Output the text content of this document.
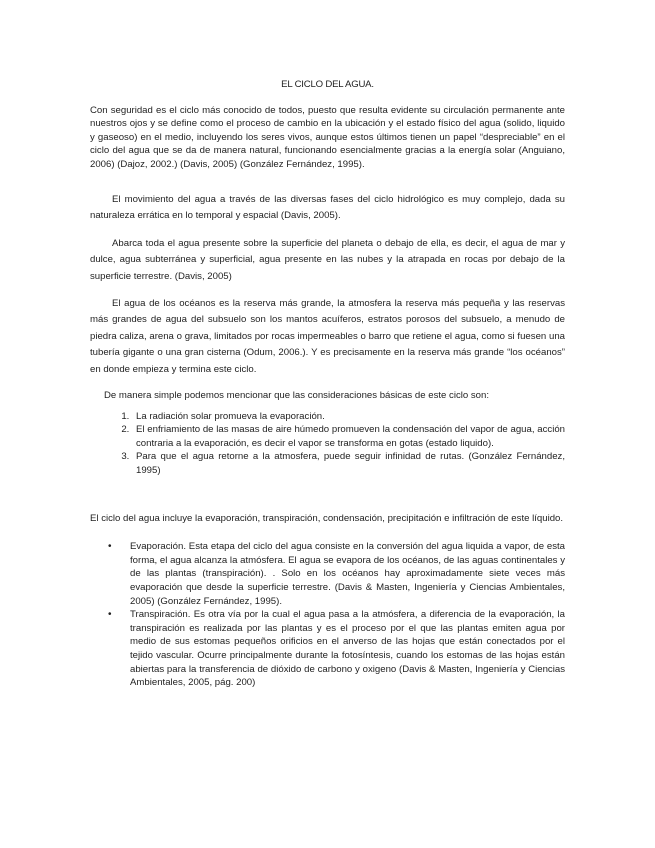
EL CICLO DEL AGUA.

Con seguridad es el ciclo más conocido de todos, puesto que resulta evidente su circulación permanente ante nuestros ojos y se define como el proceso de cambio en la ubicación y el estado físico del agua (solido, liquido y gaseoso) en el medio, incluyendo los seres vivos, aunque estos últimos tienen un papel “despreciable” en el ciclo del agua que se da de manera natural, funcionando esencialmente gracias a la energía solar (Anguiano, 2006) (Dajoz, 2002.) (Davis, 2005) (González Fernández, 1995).

El movimiento del agua a través de las diversas fases del ciclo hidrológico es muy complejo, dada su naturaleza errática en lo temporal y espacial (Davis, 2005).

Abarca toda el agua presente sobre la superficie del planeta o debajo de ella, es decir, el agua de mar y dulce, agua subterránea y superficial, agua presente en las nubes y la atrapada en rocas por debajo de la superficie terrestre. (Davis, 2005)

El agua de los océanos es la reserva más grande, la atmosfera la reserva más pequeña y las reservas más grandes de agua del subsuelo son los mantos acuíferos, estratos porosos del subsuelo, a menudo de piedra caliza, arena o grava, limitados por rocas impermeables o barro que retiene el agua, como si fuesen una tubería gigante o una gran cisterna (Odum, 2006.). Y es precisamente en la reserva más grande “los océanos” en donde empieza y termina este ciclo.

De manera simple podemos mencionar que las consideraciones básicas de este ciclo son:

1. La radiación solar promueva la evaporación.
2. El enfriamiento de las masas de aire húmedo promueven la condensación del vapor de agua, acción contraria a la evaporación, es decir el vapor se transforma en gotas (estado liquido).
3. Para que el agua retorne a la atmosfera, puede seguir infinidad de rutas. (González Fernández, 1995)

El ciclo del agua incluye la evaporación, transpiración, condensación, precipitación e infiltración de este líquido.

• Evaporación. Esta etapa del ciclo del agua consiste en la conversión del agua liquida a vapor, de esta forma, el agua alcanza la atmósfera. El agua se evapora de los océanos, de las aguas continentales y de las plantas (transpiración). . Solo en los océanos hay aproximadamente siete veces más evaporación que desde la superficie terrestre. (Davis & Masten, Ingeniería y Ciencias Ambientales, 2005) (González Fernández, 1995).
• Transpiración. Es otra vía por la cual el agua pasa a la atmósfera, a diferencia de la evaporación, la transpiración es realizada por las plantas y es el proceso por el que las plantas emiten agua por medio de sus estomas pequeños orificios en el anverso de las hojas que están conectados por el tejido vascular. Ocurre principalmente durante la fotosíntesis, cuando los estomas de las hojas están abiertas para la transferencia de dióxido de carbono y oxigeno (Davis & Masten, Ingeniería y Ciencias Ambientales, 2005, pág. 200)
